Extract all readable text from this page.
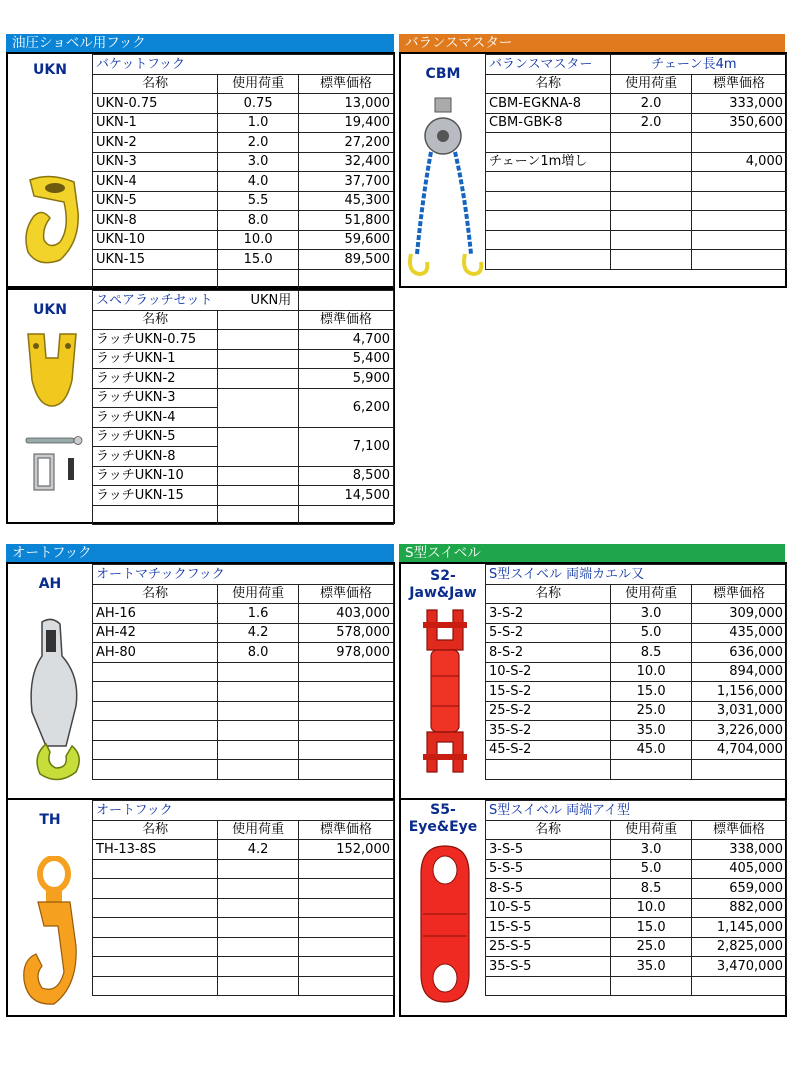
油圧ショベル用フック
UKN	バケットフック		
名称	使用荷重	標準価格
UKN-0.75	0.75	13,000
UKN-1	1.0	19,400
UKN-2	2.0	27,200
UKN-3	3.0	32,400
UKN-4	4.0	37,700
UKN-5	5.5	45,300
UKN-8	8.0	51,800
UKN-10	10.0	59,600
UKN-15	15.0	89,500

UKN
スペアラッチセット UKN用		
名称		標準価格
ラッチUKN-0.75		4,700
ラッチUKN-1		5,400
ラッチUKN-2		5,900
ラッチUKN-3		6,200
ラッチUKN-4		
ラッチUKN-5		7,100
ラッチUKN-8		
ラッチUKN-10		8,500
ラッチUKN-15		14,500

バランスマスター
CBM
バランスマスター	チェーン長4m	
名称	使用荷重	標準価格
CBM-EGKNA-8	2.0	333,000
CBM-GBK-8	2.0	350,600

チェーン1m増し		4,000

オートフック
AH
オートマチックフック		
名称	使用荷重	標準価格
AH-16	1.6	403,000
AH-42	4.2	578,000
AH-80	8.0	978,000

TH
オートフック		
名称	使用荷重	標準価格
TH-13-8S	4.2	152,000

S型スイベル
S2-
Jaw&Jaw
S型スイベル 両端カエル又		
名称	使用荷重	標準価格
3-S-2	3.0	309,000
5-S-2	5.0	435,000
8-S-2	8.5	636,000
10-S-2	10.0	894,000
15-S-2	15.0	1,156,000
25-S-2	25.0	3,031,000
35-S-2	35.0	3,226,000
45-S-2	45.0	4,704,000

S5-
Eye&Eye
S型スイベル 両端アイ型		
名称	使用荷重	標準価格
3-S-5	3.0	338,000
5-S-5	5.0	405,000
8-S-5	8.5	659,000
10-S-5	10.0	882,000
15-S-5	15.0	1,145,000
25-S-5	25.0	2,825,000
35-S-5	35.0	3,470,000
